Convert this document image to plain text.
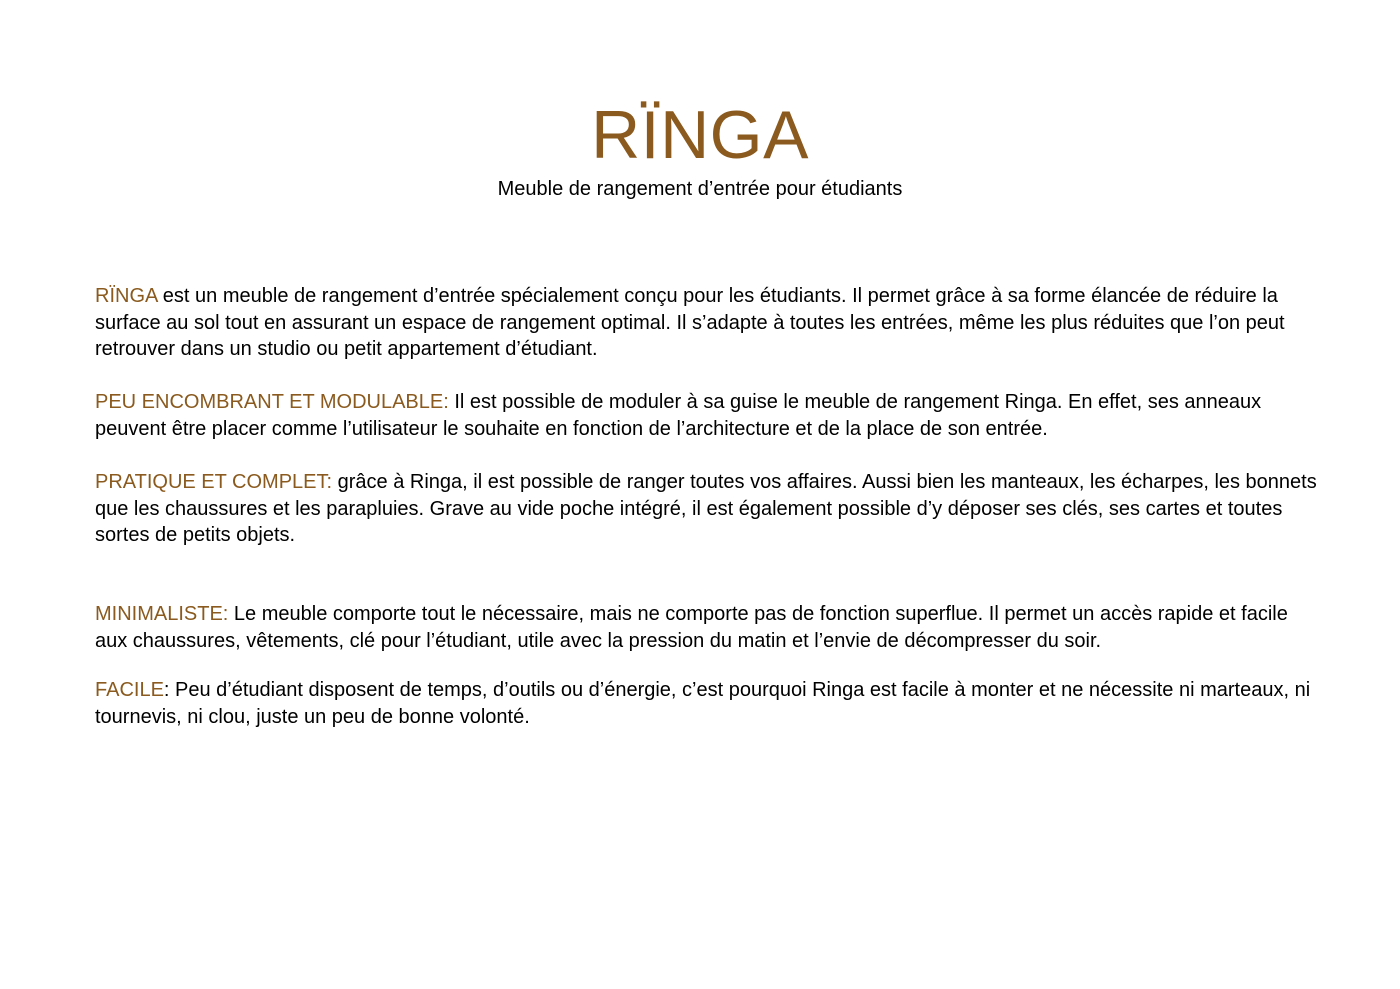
RÏNGA
Meuble de rangement d’entrée pour étudiants

RÏNGA est un meuble de rangement d’entrée spécialement conçu pour les étudiants. Il permet grâce à sa forme élancée de réduire la surface au sol tout en assurant un espace de rangement optimal. Il s’adapte à toutes les entrées, même les plus réduites que l’on peut retrouver dans un studio ou petit appartement d’étudiant.

PEU ENCOMBRANT ET MODULABLE: Il est possible de moduler à sa guise le meuble de rangement Ringa. En effet, ses anneaux peuvent être placer comme l’utilisateur le souhaite en fonction de l’architecture et de la place de son entrée.

PRATIQUE ET COMPLET: grâce à Ringa, il est possible de ranger toutes vos affaires. Aussi bien les manteaux, les écharpes, les bonnets que les chaussures et les parapluies. Grave au vide poche intégré, il est également possible d’y déposer ses clés, ses cartes et toutes sortes de petits objets.

MINIMALISTE: Le meuble comporte tout le nécessaire, mais ne comporte pas de fonction superflue. Il permet un accès rapide et facile aux chaussures, vêtements, clé pour l’étudiant, utile avec la pression du matin et l’envie de décompresser du soir.

FACILE: Peu d’étudiant disposent de temps, d’outils ou d’énergie, c’est pourquoi Ringa est facile à monter et ne nécessite ni marteaux, ni tournevis, ni clou, juste un peu de bonne volonté.
